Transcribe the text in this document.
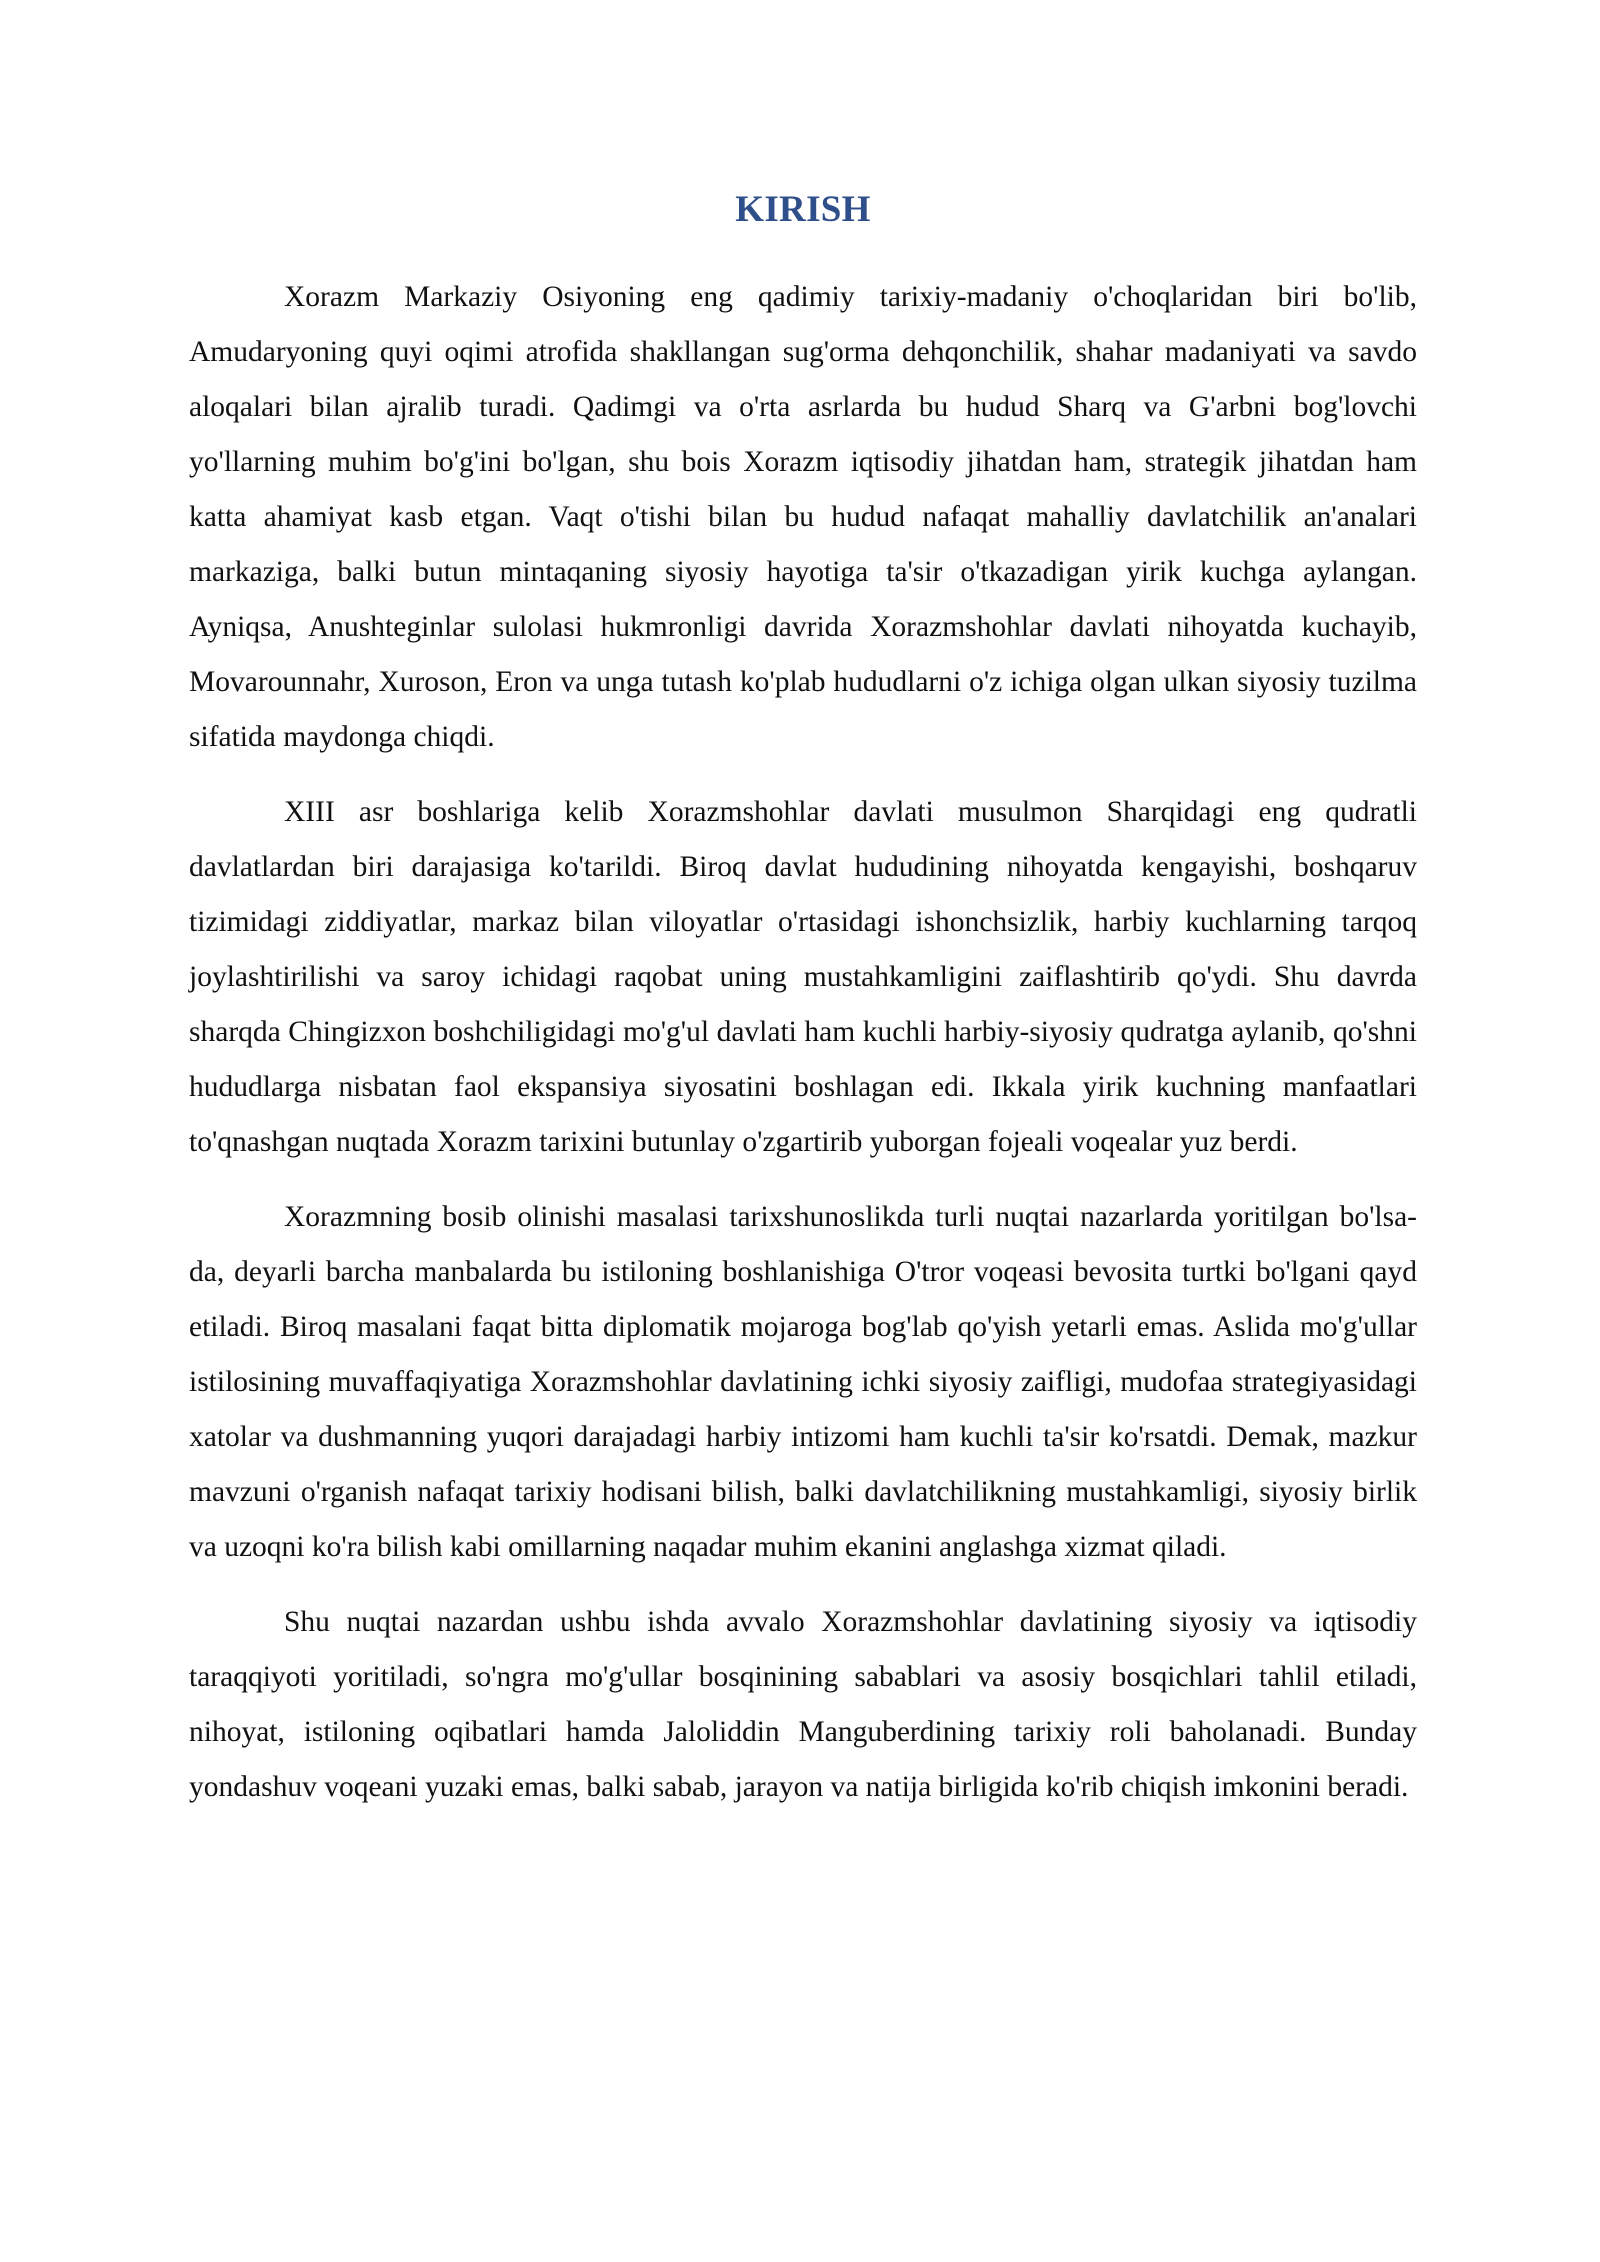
KIRISH

Xorazm Markaziy Osiyoning eng qadimiy tarixiy-madaniy o'choqlaridan biri bo'lib, Amudaryoning quyi oqimi atrofida shakllangan sug'orma dehqonchilik, shahar madaniyati va savdo aloqalari bilan ajralib turadi. Qadimgi va o'rta asrlarda bu hudud Sharq va G'arbni bog'lovchi yo'llarning muhim bo'g'ini bo'lgan, shu bois Xorazm iqtisodiy jihatdan ham, strategik jihatdan ham katta ahamiyat kasb etgan. Vaqt o'tishi bilan bu hudud nafaqat mahalliy davlatchilik an'analari markaziga, balki butun mintaqaning siyosiy hayotiga ta'sir o'tkazadigan yirik kuchga aylangan. Ayniqsa, Anushteginlar sulolasi hukmronligi davrida Xorazmshohlar davlati nihoyatda kuchayib, Movarounnahr, Xuroson, Eron va unga tutash ko'plab hududlarni o'z ichiga olgan ulkan siyosiy tuzilma sifatida maydonga chiqdi.

XIII asr boshlariga kelib Xorazmshohlar davlati musulmon Sharqidagi eng qudratli davlatlardan biri darajasiga ko'tarildi. Biroq davlat hududining nihoyatda kengayishi, boshqaruv tizimidagi ziddiyatlar, markaz bilan viloyatlar o'rtasidagi ishonchsizlik, harbiy kuchlarning tarqoq joylashtirilishi va saroy ichidagi raqobat uning mustahkamligini zaiflashtirib qo'ydi. Shu davrda sharqda Chingizxon boshchiligidagi mo'g'ul davlati ham kuchli harbiy-siyosiy qudratga aylanib, qo'shni hududlarga nisbatan faol ekspansiya siyosatini boshlagan edi. Ikkala yirik kuchning manfaatlari to'qnashgan nuqtada Xorazm tarixini butunlay o'zgartirib yuborgan fojeali voqealar yuz berdi.

Xorazmning bosib olinishi masalasi tarixshunoslikda turli nuqtai nazarlarda yoritilgan bo'lsa-da, deyarli barcha manbalarda bu istiloning boshlanishiga O'tror voqeasi bevosita turtki bo'lgani qayd etiladi. Biroq masalani faqat bitta diplomatik mojaroga bog'lab qo'yish yetarli emas. Aslida mo'g'ullar istilosining muvaffaqiyatiga Xorazmshohlar davlatining ichki siyosiy zaifligi, mudofaa strategiyasidagi xatolar va dushmanning yuqori darajadagi harbiy intizomi ham kuchli ta'sir ko'rsatdi. Demak, mazkur mavzuni o'rganish nafaqat tarixiy hodisani bilish, balki davlatchilikning mustahkamligi, siyosiy birlik va uzoqni ko'ra bilish kabi omillarning naqadar muhim ekanini anglashga xizmat qiladi.

Shu nuqtai nazardan ushbu ishda avvalo Xorazmshohlar davlatining siyosiy va iqtisodiy taraqqiyoti yoritiladi, so'ngra mo'g'ullar bosqinining sabablari va asosiy bosqichlari tahlil etiladi, nihoyat, istiloning oqibatlari hamda Jaloliddin Manguberdining tarixiy roli baholanadi. Bunday yondashuv voqeani yuzaki emas, balki sabab, jarayon va natija birligida ko'rib chiqish imkonini beradi.
